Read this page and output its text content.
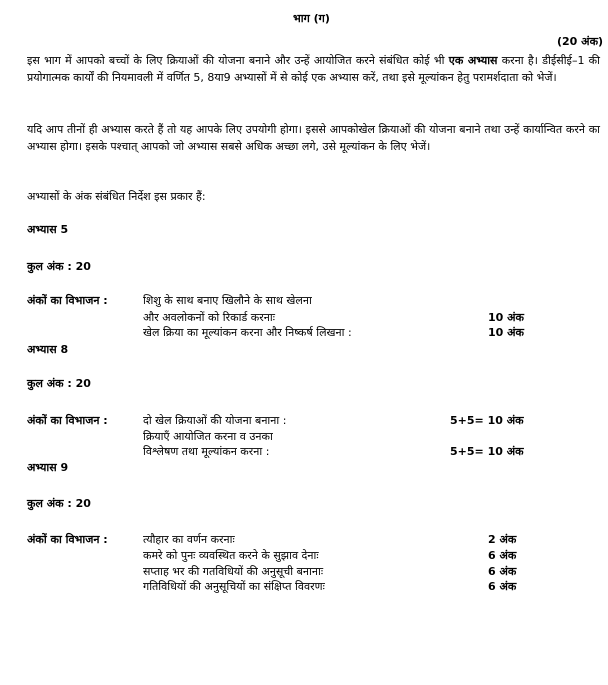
भाग (ग)
(20 अंक)
इस भाग में आपको बच्चों के लिए क्रियाओं की योजना बनाने और उन्हें आयोजित करने संबंधित कोई भी एक अभ्यास करना है। डीईसीई–1 की प्रयोगात्मक कार्यों की नियमावली में वर्णित 5, 8या9 अभ्यासों में से कोई एक अभ्यास करें, तथा इसे मूल्यांकन हेतु परामर्शदाता को भेजें।
यदि आप तीनों ही अभ्यास करते हैं तो यह आपके लिए उपयोगी होगा। इससे आपकोखेल क्रियाओं की योजना बनाने तथा उन्हें कार्यान्वित करने का अभ्यास होगा। इसके पश्चात् आपको जो अभ्यास सबसे अधिक अच्छा लगे, उसे मूल्यांकन के लिए भेजें।
अभ्यासों के अंक संबंधित निर्देश इस प्रकार हैं:
अभ्यास 5
कुल अंक : 20
अंकों का विभाजन :	शिशु के साथ बनाए खिलौने के साथ खेलना
और अवलोकनों को रिकार्ड करनाः	10 अंक
खेल क्रिया का मूल्यांकन करना और निष्कर्ष लिखना :	10 अंक
अभ्यास 8
कुल अंक : 20
अंकों का विभाजन :	दो खेल क्रियाओं की योजना बनाना :	5+5= 10 अंक
क्रियाएँ आयोजित करना व उनका
विश्लेषण तथा मूल्यांकन करना :	5+5= 10 अंक
अभ्यास 9
कुल अंक : 20
अंकों का विभाजन :	त्यौहार का वर्णन करनाः	2 अंक
कमरे को पुनः व्यवस्थित करने के सुझाव देनाः	6 अंक
सप्ताह भर की गतविधियों की अनुसूची बनानाः	6 अंक
गतिविधियों की अनुसूचियों का संक्षिप्त विवरणः	6 अंक
